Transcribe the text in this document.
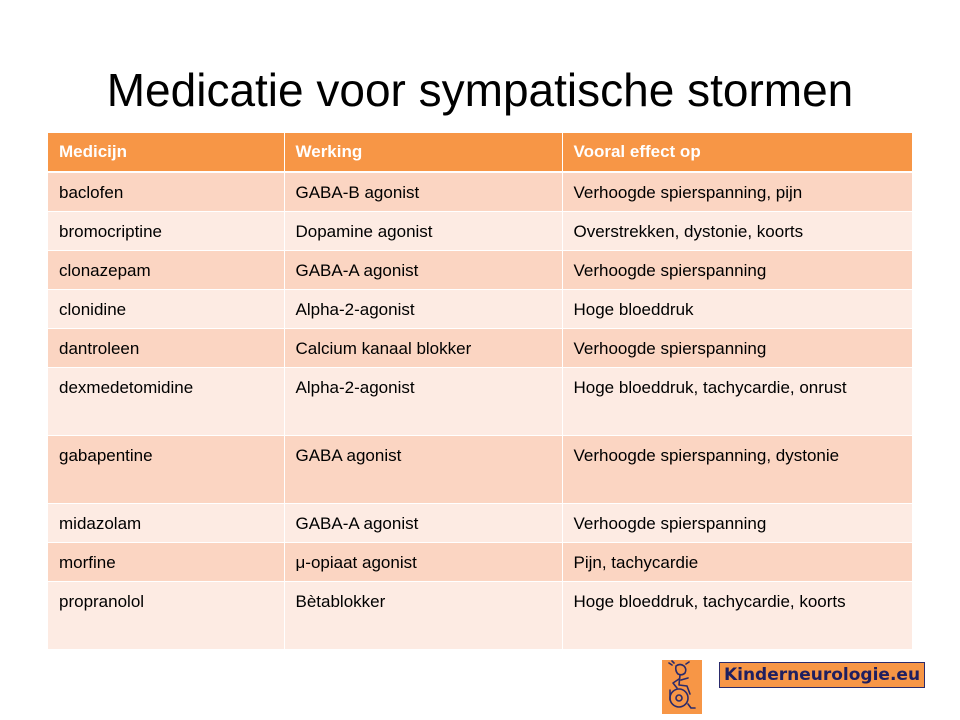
Medicatie voor sympatische stormen
Medicijn	Werking	Vooral effect op
baclofen	GABA-B agonist	Verhoogde spierspanning, pijn
bromocriptine	Dopamine agonist	Overstrekken, dystonie, koorts
clonazepam	GABA-A agonist	Verhoogde spierspanning
clonidine	Alpha-2-agonist	Hoge bloeddruk
dantroleen	Calcium kanaal blokker	Verhoogde spierspanning
dexmedetomidine	Alpha-2-agonist	Hoge bloeddruk, tachycardie, onrust
gabapentine	GABA agonist	Verhoogde spierspanning, dystonie
midazolam	GABA-A agonist	Verhoogde spierspanning
morfine	μ-opiaat agonist	Pijn, tachycardie
propranolol	Bètablokker	Hoge bloeddruk, tachycardie, koorts
Kinderneurologie.eu
